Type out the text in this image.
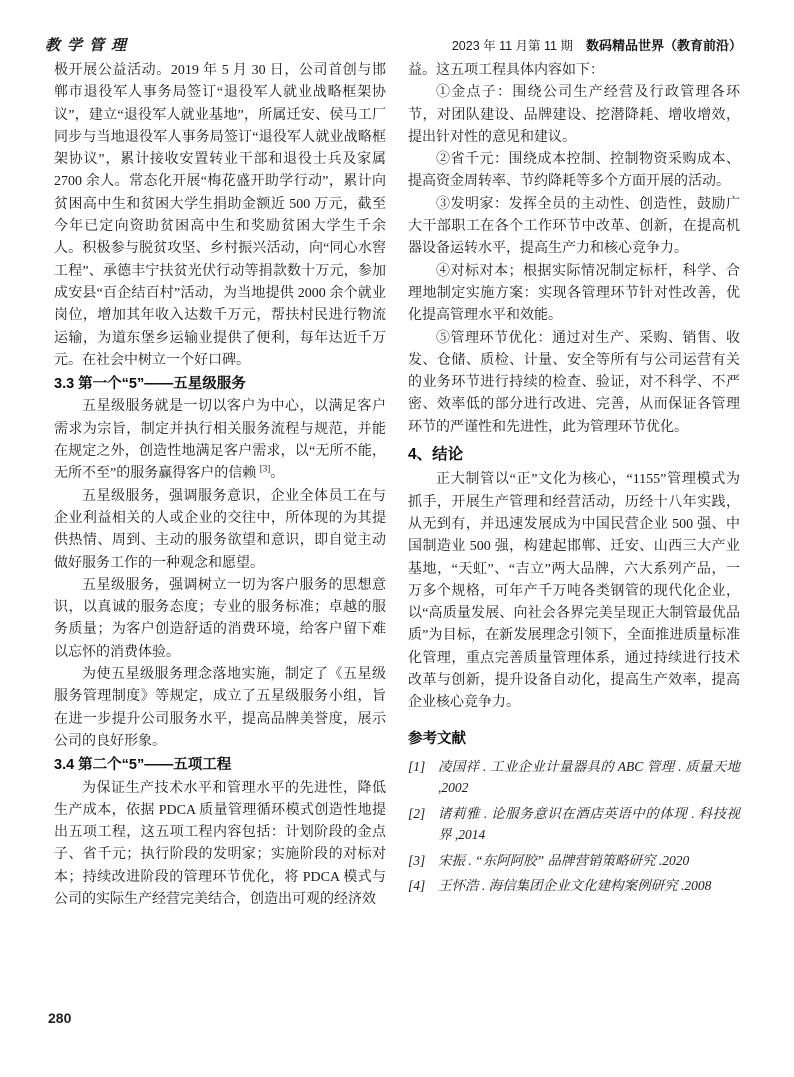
教学管理	2023 年 11 月第 11 期 数码精品世界（教育前沿）

极开展公益活动。2019 年 5 月 30 日，公司首创与邯郸市退役军人事务局签订“退役军人就业战略框架协议”，建立“退役军人就业基地”，所属迁安、侯马工厂同步与当地退役军人事务局签订“退役军人就业战略框架协议”，累计接收安置转业干部和退役士兵及家属 2700 余人。常态化开展“梅花盛开助学行动”，累计向贫困高中生和贫困大学生捐助金额近 500 万元，截至今年已定向资助贫困高中生和奖励贫困大学生千余人。积极参与脱贫攻坚、乡村振兴活动，向“同心水窖工程”、承德丰宁扶贫光伏行动等捐款数十万元，参加成安县“百企结百村”活动，为当地提供 2000 余个就业岗位，增加其年收入达数千万元，帮扶村民进行物流运输，为道东堡乡运输业提供了便利，每年达近千万元。在社会中树立一个好口碑。

3.3 第一个“5”——五星级服务

五星级服务就是一切以客户为中心，以满足客户需求为宗旨，制定并执行相关服务流程与规范，并能在规定之外，创造性地满足客户需求，以“无所不能，无所不至”的服务赢得客户的信赖 [3]。

五星级服务，强调服务意识，企业全体员工在与企业利益相关的人或企业的交往中，所体现的为其提供热情、周到、主动的服务欲望和意识，即自觉主动做好服务工作的一种观念和愿望。

五星级服务，强调树立一切为客户服务的思想意识，以真诚的服务态度；专业的服务标准；卓越的服务质量；为客户创造舒适的消费环境，给客户留下难以忘怀的消费体验。

为使五星级服务理念落地实施，制定了《五星级服务管理制度》等规定，成立了五星级服务小组，旨在进一步提升公司服务水平，提高品牌美誉度，展示公司的良好形象。

3.4 第二个“5”——五项工程

为保证生产技术水平和管理水平的先进性，降低生产成本，依据 PDCA 质量管理循环模式创造性地提出五项工程，这五项工程内容包括：计划阶段的金点子、省千元；执行阶段的发明家；实施阶段的对标对本；持续改进阶段的管理环节优化，将 PDCA 模式与公司的实际生产经营完美结合，创造出可观的经济效

益。这五项工程具体内容如下：

①金点子：围绕公司生产经营及行政管理各环节，对团队建设、品牌建设、挖潜降耗、增收增效，提出针对性的意见和建议。

②省千元：围绕成本控制、控制物资采购成本、提高资金周转率、节约降耗等多个方面开展的活动。

③发明家：发挥全员的主动性、创造性，鼓励广大干部职工在各个工作环节中改革、创新，在提高机器设备运转水平，提高生产力和核心竞争力。

④对标对本；根据实际情况制定标杆，科学、合理地制定实施方案：实现各管理环节针对性改善，优化提高管理水平和效能。

⑤管理环节优化：通过对生产、采购、销售、收发、仓储、质检、计量、安全等所有与公司运营有关的业务环节进行持续的检查、验证，对不科学、不严密、效率低的部分进行改进、完善，从而保证各管理环节的严谨性和先进性，此为管理环节优化。

4、结论

正大制管以“正”文化为核心，“1155”管理模式为抓手，开展生产管理和经营活动，历经十八年实践，从无到有，并迅速发展成为中国民营企业 500 强、中国制造业 500 强，构建起邯郸、迁安、山西三大产业基地，“天虹”、“吉立”两大品牌，六大系列产品，一万多个规格，可年产千万吨各类钢管的现代化企业，以“高质量发展、向社会各界完美呈现正大制管最优品质”为目标，在新发展理念引领下，全面推进质量标准化管理，重点完善质量管理体系，通过持续进行技术改革与创新，提升设备自动化，提高生产效率，提高企业核心竞争力。

参考文献
[1] 凌国祥 . 工业企业计量器具的 ABC 管理 . 质量天地 ,2002
[2] 诸莉雅 . 论服务意识在酒店英语中的体现 . 科技视界 ,2014
[3] 宋振 . “东阿阿胶” 品牌营销策略研究 .2020
[4] 王怀浩 . 海信集团企业文化建构案例研究 .2008
280
